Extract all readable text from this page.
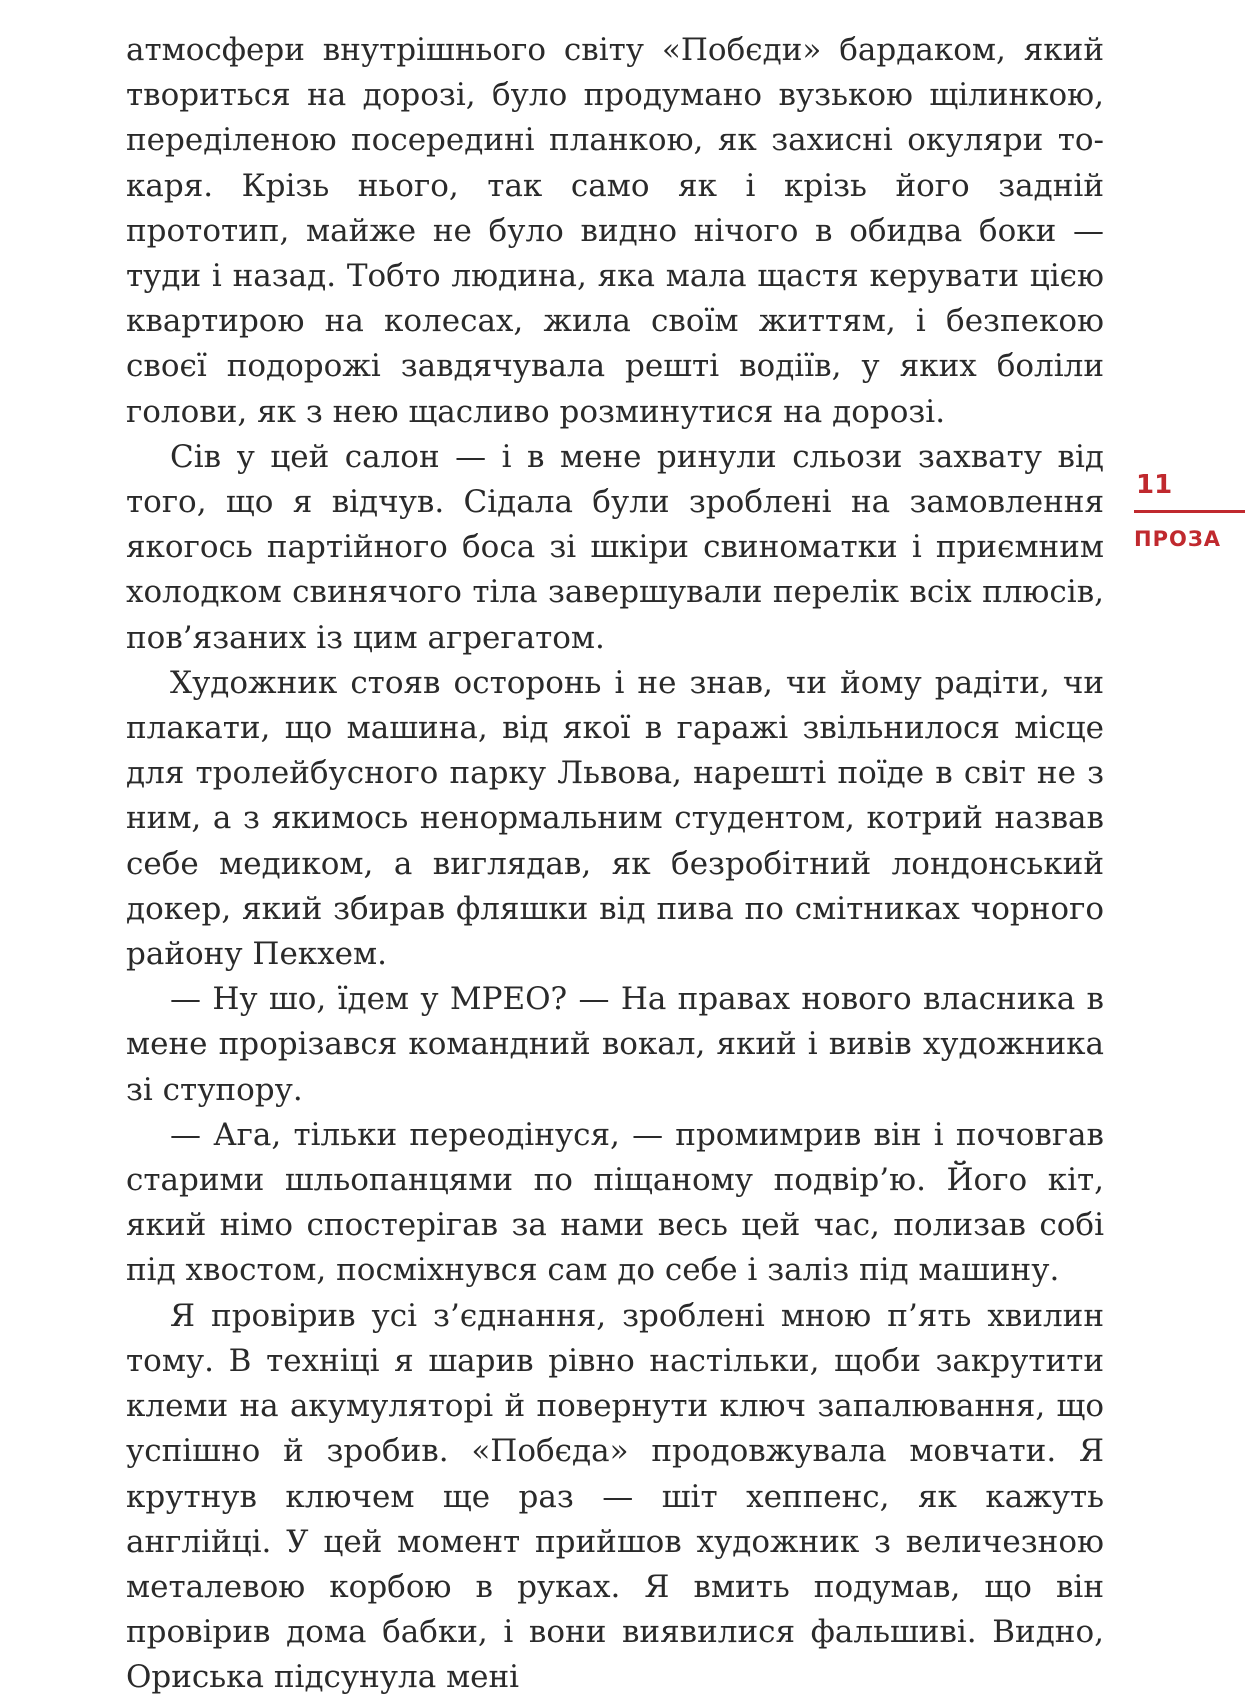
атмосфери внутрішнього світу «Побєди» бардаком, який твориться на дорозі, було продумано вузькою щілинкою, переділеною посередині планкою, як захисні окуляри токаря. Крізь нього, так само як і крізь його задній прототип, майже не було видно нічого в обидва боки — туди і назад. Тобто людина, яка мала щастя керувати цією квартирою на колесах, жила своїм життям, і безпекою своєї подорожі завдячувала решті водіїв, у яких боліли голови, як з нею щасливо розминутися на дорозі.

Сів у цей салон — і в мене ринули сльози захвату від того, що я відчув. Сідала були зроблені на замовлення якогось партійного боса зі шкіри свиноматки і приємним холодком свинячого тіла завершували перелік всіх плюсів, пов’язаних із цим агрегатом.

Художник стояв осторонь і не знав, чи йому радіти, чи плакати, що машина, від якої в гаражі звільнилося місце для тролейбусного парку Львова, нарешті поїде в світ не з ним, а з якимось ненормальним студентом, котрий назвав себе медиком, а виглядав, як безробітний лондонський докер, який збирав фляшки від пива по смітниках чорного району Пекхем.

— Ну шо, їдем у МРЕО? — На правах нового власника в мене прорізався командний вокал, який і вивів художника зі ступору.

— Ага, тільки переодінуся, — промимрив він і почовгав старими шльопанцями по піщаному подвір’ю. Його кіт, який німо спостерігав за нами весь цей час, полизав собі під хвостом, посміхнувся сам до себе і заліз під машину.

Я провірив усі з’єднання, зроблені мною п’ять хвилин тому. В техніці я шарив рівно настільки, щоби закрутити клеми на акумуляторі й повернути ключ запалювання, що успішно й зробив. «Побєда» продовжувала мовчати. Я крутнув ключем ще раз — шіт хеппенс, як кажуть англійці. У цей момент прийшов художник з величезною металевою корбою в руках. Я вмить подумав, що він провірив дома бабки, і вони виявилися фальшиві. Видно, Ориська підсунула мені

11
ПРОЗА
